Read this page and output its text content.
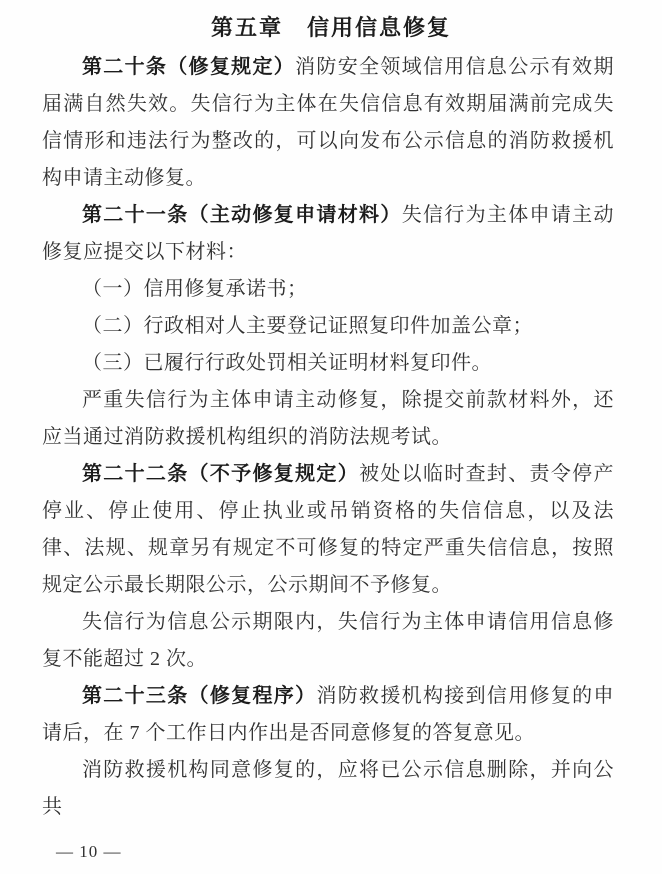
第五章　信用信息修复

第二十条（修复规定）消防安全领域信用信息公示有效期届满自然失效。失信行为主体在失信信息有效期届满前完成失信情形和违法行为整改的，可以向发布公示信息的消防救援机构申请主动修复。

第二十一条（主动修复申请材料）失信行为主体申请主动修复应提交以下材料：

（一）信用修复承诺书；

（二）行政相对人主要登记证照复印件加盖公章；

（三）已履行行政处罚相关证明材料复印件。

严重失信行为主体申请主动修复，除提交前款材料外，还应当通过消防救援机构组织的消防法规考试。

第二十二条（不予修复规定）被处以临时查封、责令停产停业、停止使用、停止执业或吊销资格的失信信息，以及法律、法规、规章另有规定不可修复的特定严重失信信息，按照规定公示最长期限公示，公示期间不予修复。

失信行为信息公示期限内，失信行为主体申请信用信息修复不能超过 2 次。

第二十三条（修复程序）消防救援机构接到信用修复的申请后，在 7 个工作日内作出是否同意修复的答复意见。

消防救援机构同意修复的，应将已公示信息删除，并向公共

— 10 —
